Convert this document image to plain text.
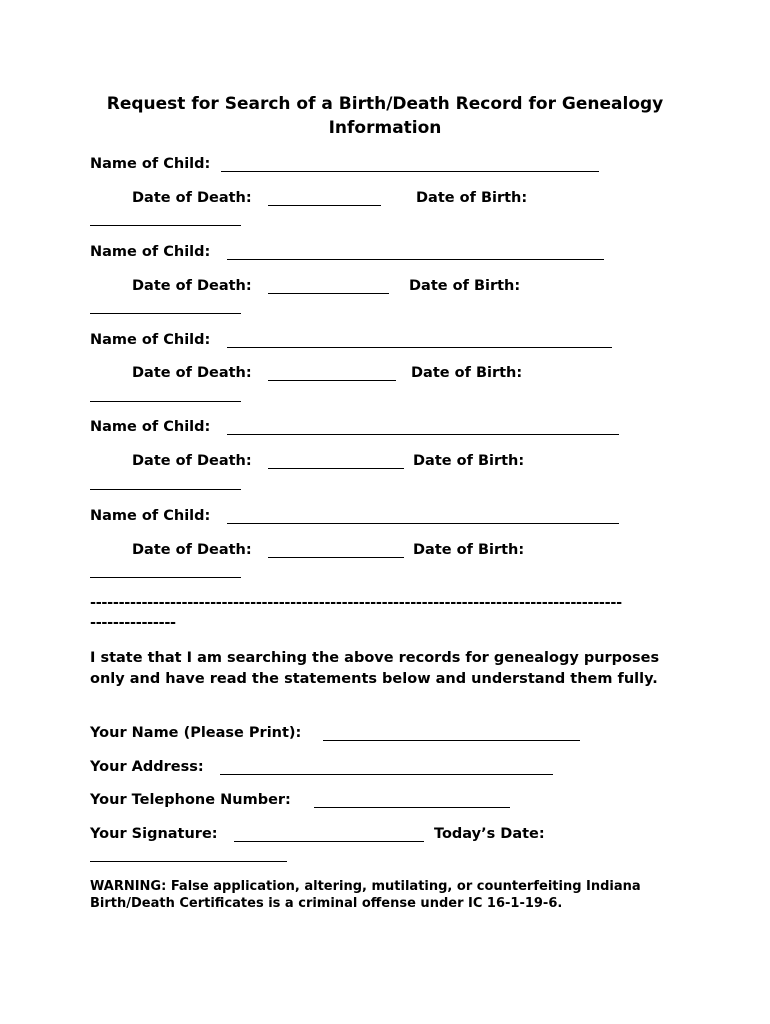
Request for Search of a Birth/Death Record for Genealogy Information
Name of Child:
Date of Death:	Date of Birth:
Name of Child:
Date of Death:	Date of Birth:
Name of Child:
Date of Death:	Date of Birth:
Name of Child:
Date of Death:	Date of Birth:
Name of Child:
Date of Death:	Date of Birth:
---------------------------------------------------------------------------------------------
---------------
I state that I am searching the above records for genealogy purposes only and have read the statements below and understand them fully.
Your Name (Please Print):
Your Address:
Your Telephone Number:
Your Signature:	Today’s Date:
WARNING: False application, altering, mutilating, or counterfeiting Indiana Birth/Death Certificates is a criminal offense under IC 16-1-19-6.
